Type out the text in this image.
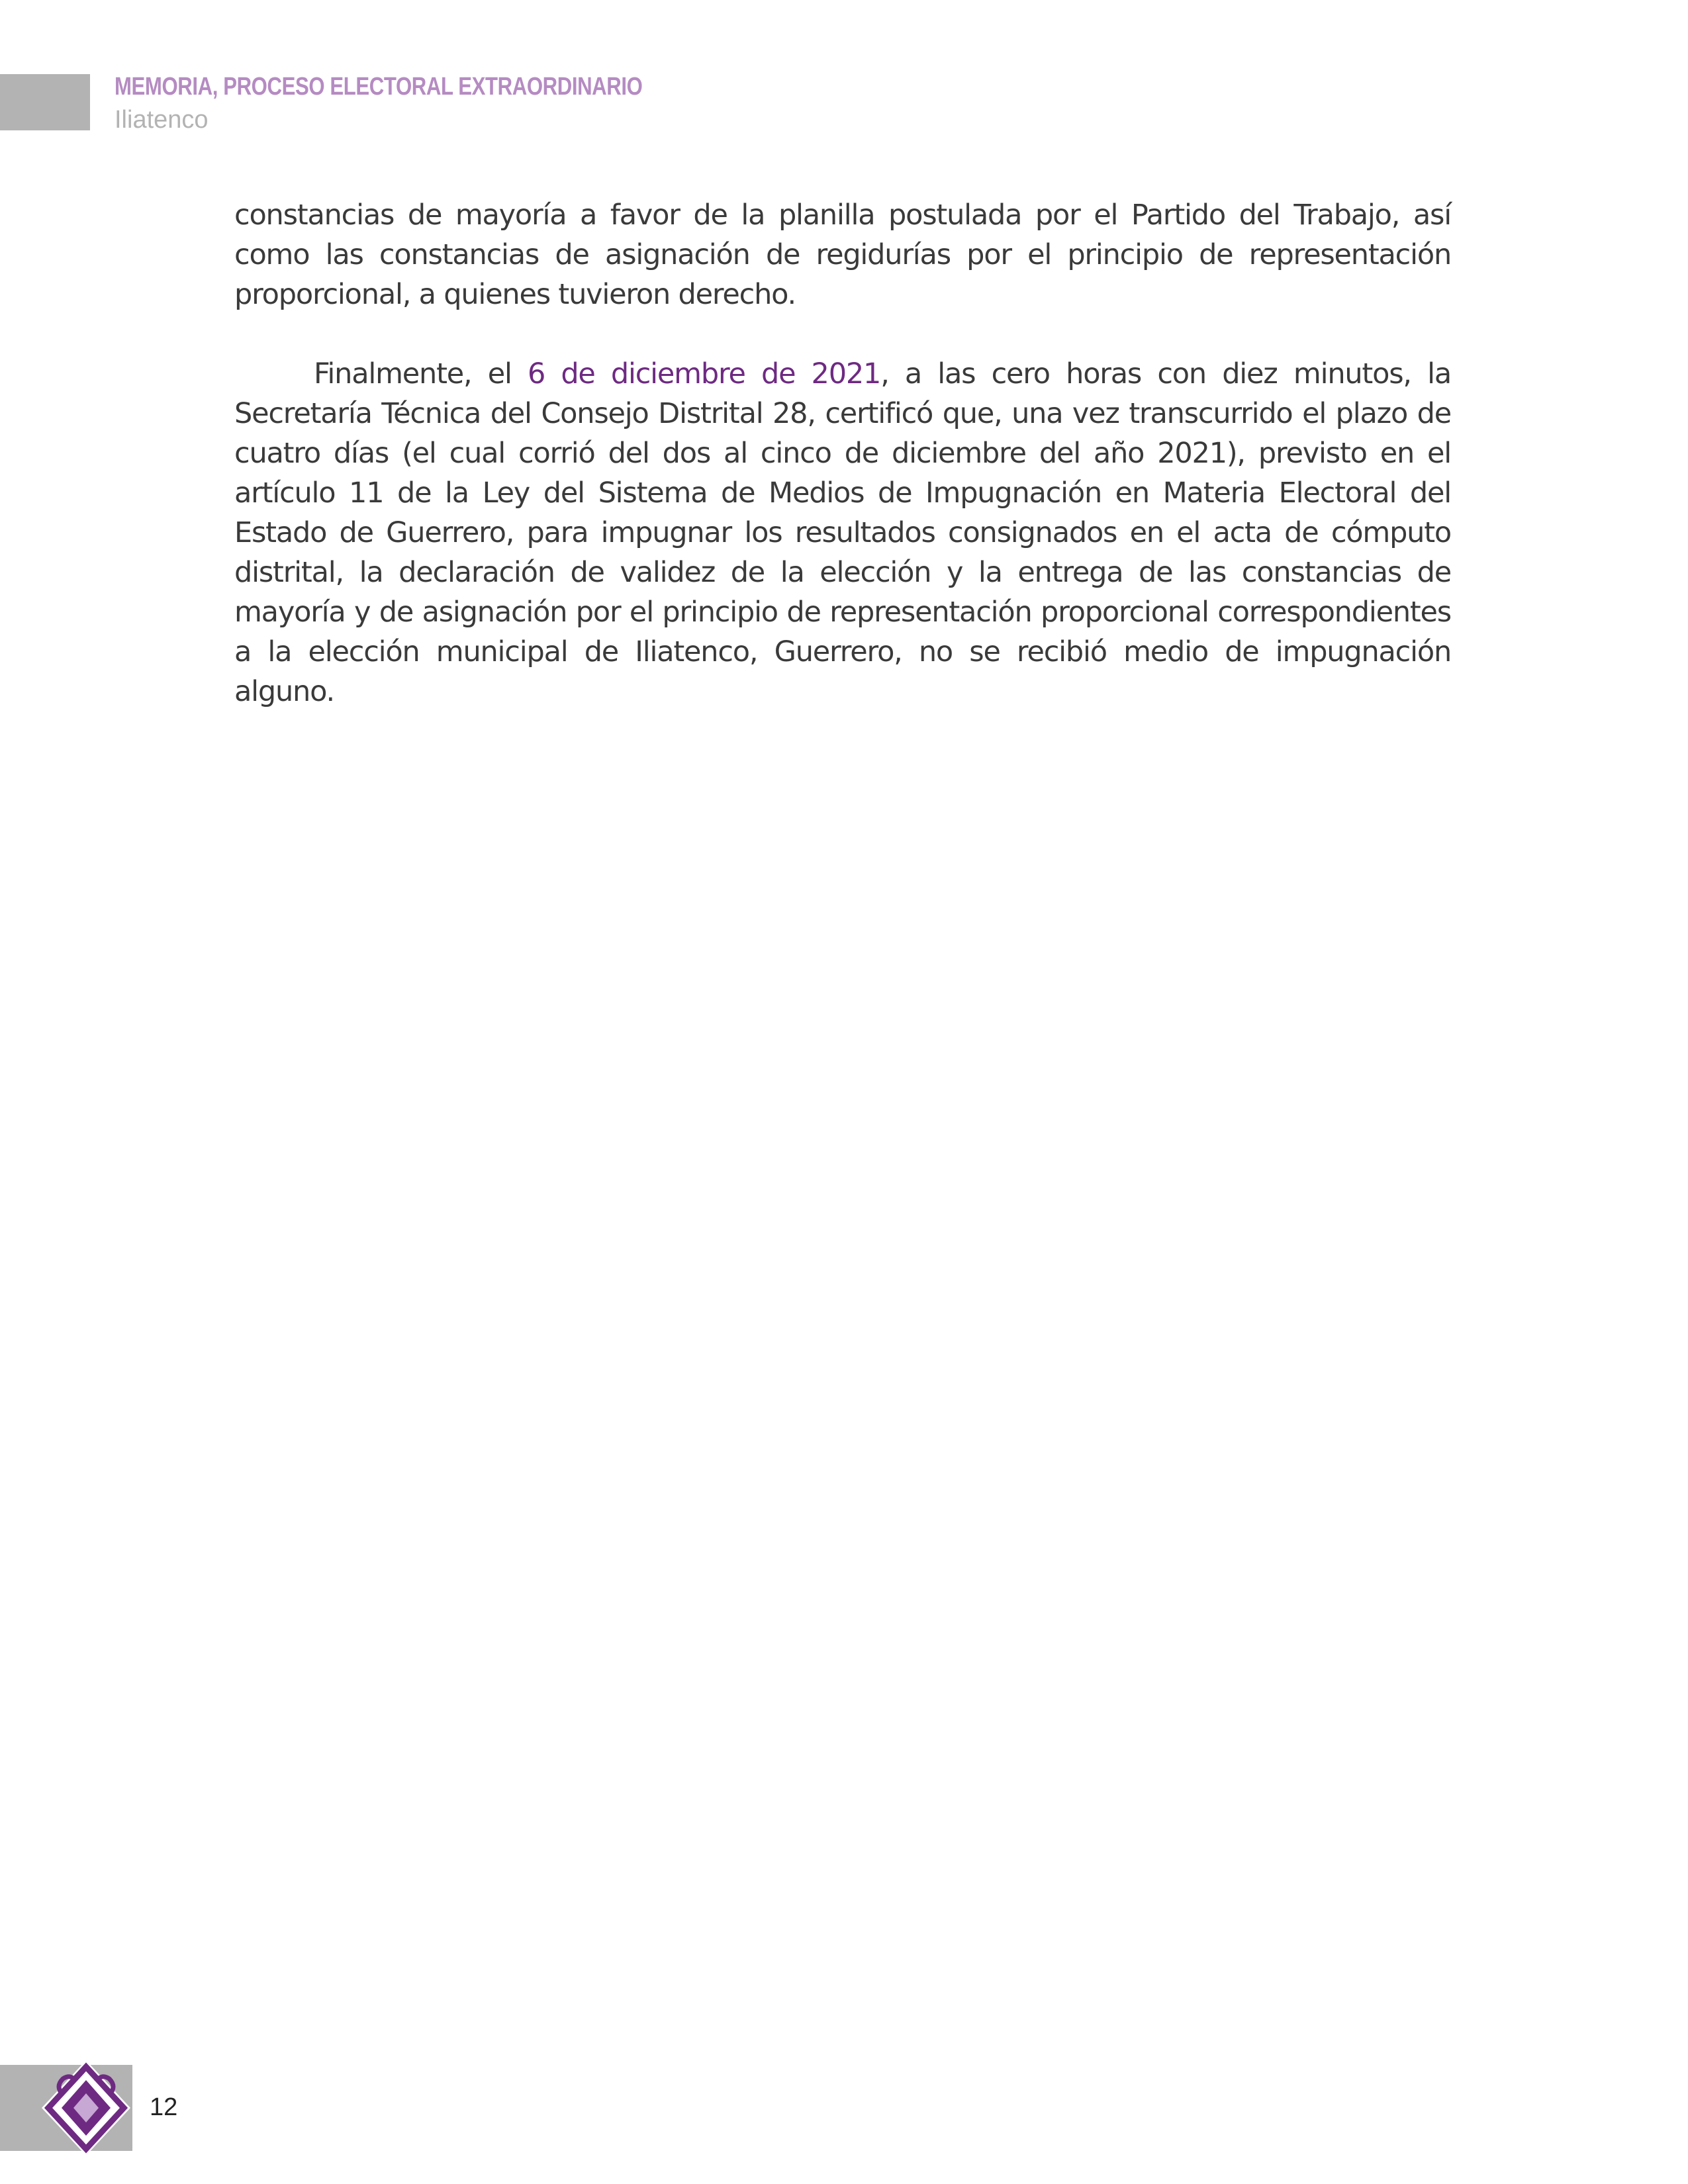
MEMORIA, PROCESO ELECTORAL EXTRAORDINARIO
Iliatenco

constancias de mayoría a favor de la planilla postulada por el Partido del Trabajo, así como las constancias de asignación de regidurías por el principio de representación proporcional, a quienes tuvieron derecho.

Finalmente, el 6 de diciembre de 2021, a las cero horas con diez minutos, la Secretaría Técnica del Consejo Distrital 28, certificó que, una vez transcurrido el plazo de cuatro días (el cual corrió del dos al cinco de diciembre del año 2021), previsto en el artículo 11 de la Ley del Sistema de Medios de Impugnación en Materia Electoral del Estado de Guerrero, para impugnar los resultados consignados en el acta de cómputo distrital, la declaración de validez de la elección y la entrega de las constancias de mayoría y de asignación por el principio de representación proporcional correspondientes a la elección municipal de Iliatenco, Guerrero, no se recibió medio de impugnación alguno.

12
